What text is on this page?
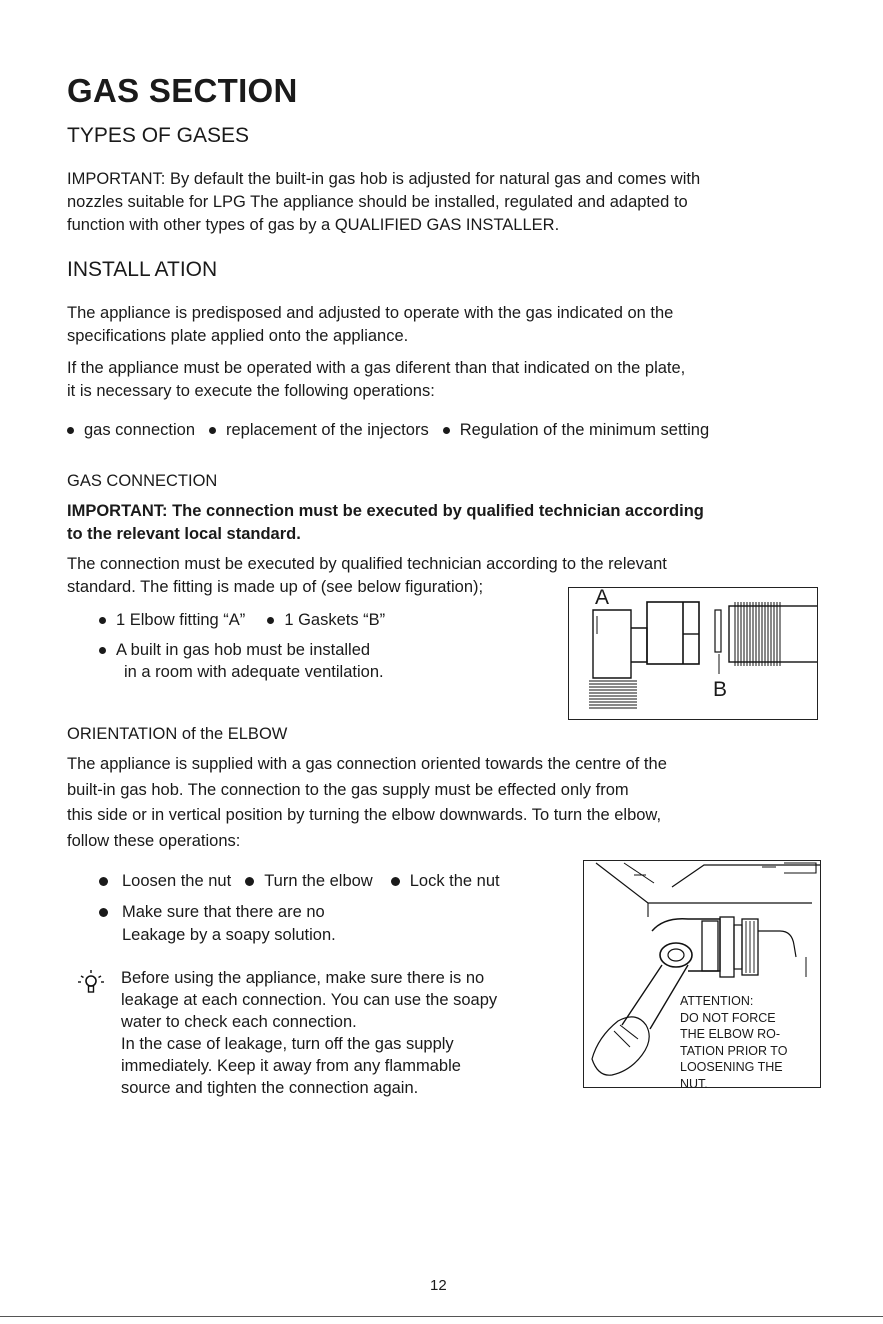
GAS SECTION
TYPES OF GASES
IMPORTANT: By default the built-in gas hob is adjusted for natural gas and comes with
nozzles suitable for LPG The appliance should be installed, regulated and adapted to
function with other types of gas by a QUALIFIED GAS INSTALLER.
INSTALL ATION
The appliance is predisposed and adjusted to operate with the gas indicated on the
specifications plate applied onto the appliance.
If the appliance must be operated with a gas diferent than that indicated on the plate,
it is necessary to execute the following operations:
gas connection replacement of the injectors Regulation of the minimum setting
GAS CONNECTION
IMPORTANT: The connection must be executed by qualified technician according
to the relevant local standard.
The connection must be executed by qualified technician according to the relevant
standard. The fitting is made up of (see below figuration);
1 Elbow fitting “A” 1 Gaskets “B”
A built in gas hob must be installed
in a room with adequate ventilation.
A
B
ORIENTATION of the ELBOW
The appliance is supplied with a gas connection oriented towards the centre of the
built-in gas hob. The connection to the gas supply must be effected only from
this side or in vertical position by turning the elbow downwards. To turn the elbow,
follow these operations:
Loosen the nut Turn the elbow Lock the nut
Make sure that there are no
Leakage by a soapy solution.
Before using the appliance, make sure there is no
leakage at each connection. You can use the soapy
water to check each connection.
In the case of leakage, turn off the gas supply
immediately. Keep it away from any flammable
source and tighten the connection again.
ATTENTION:
DO NOT FORCE
THE ELBOW RO-
TATION PRIOR TO
LOOSENING THE
NUT.
12
